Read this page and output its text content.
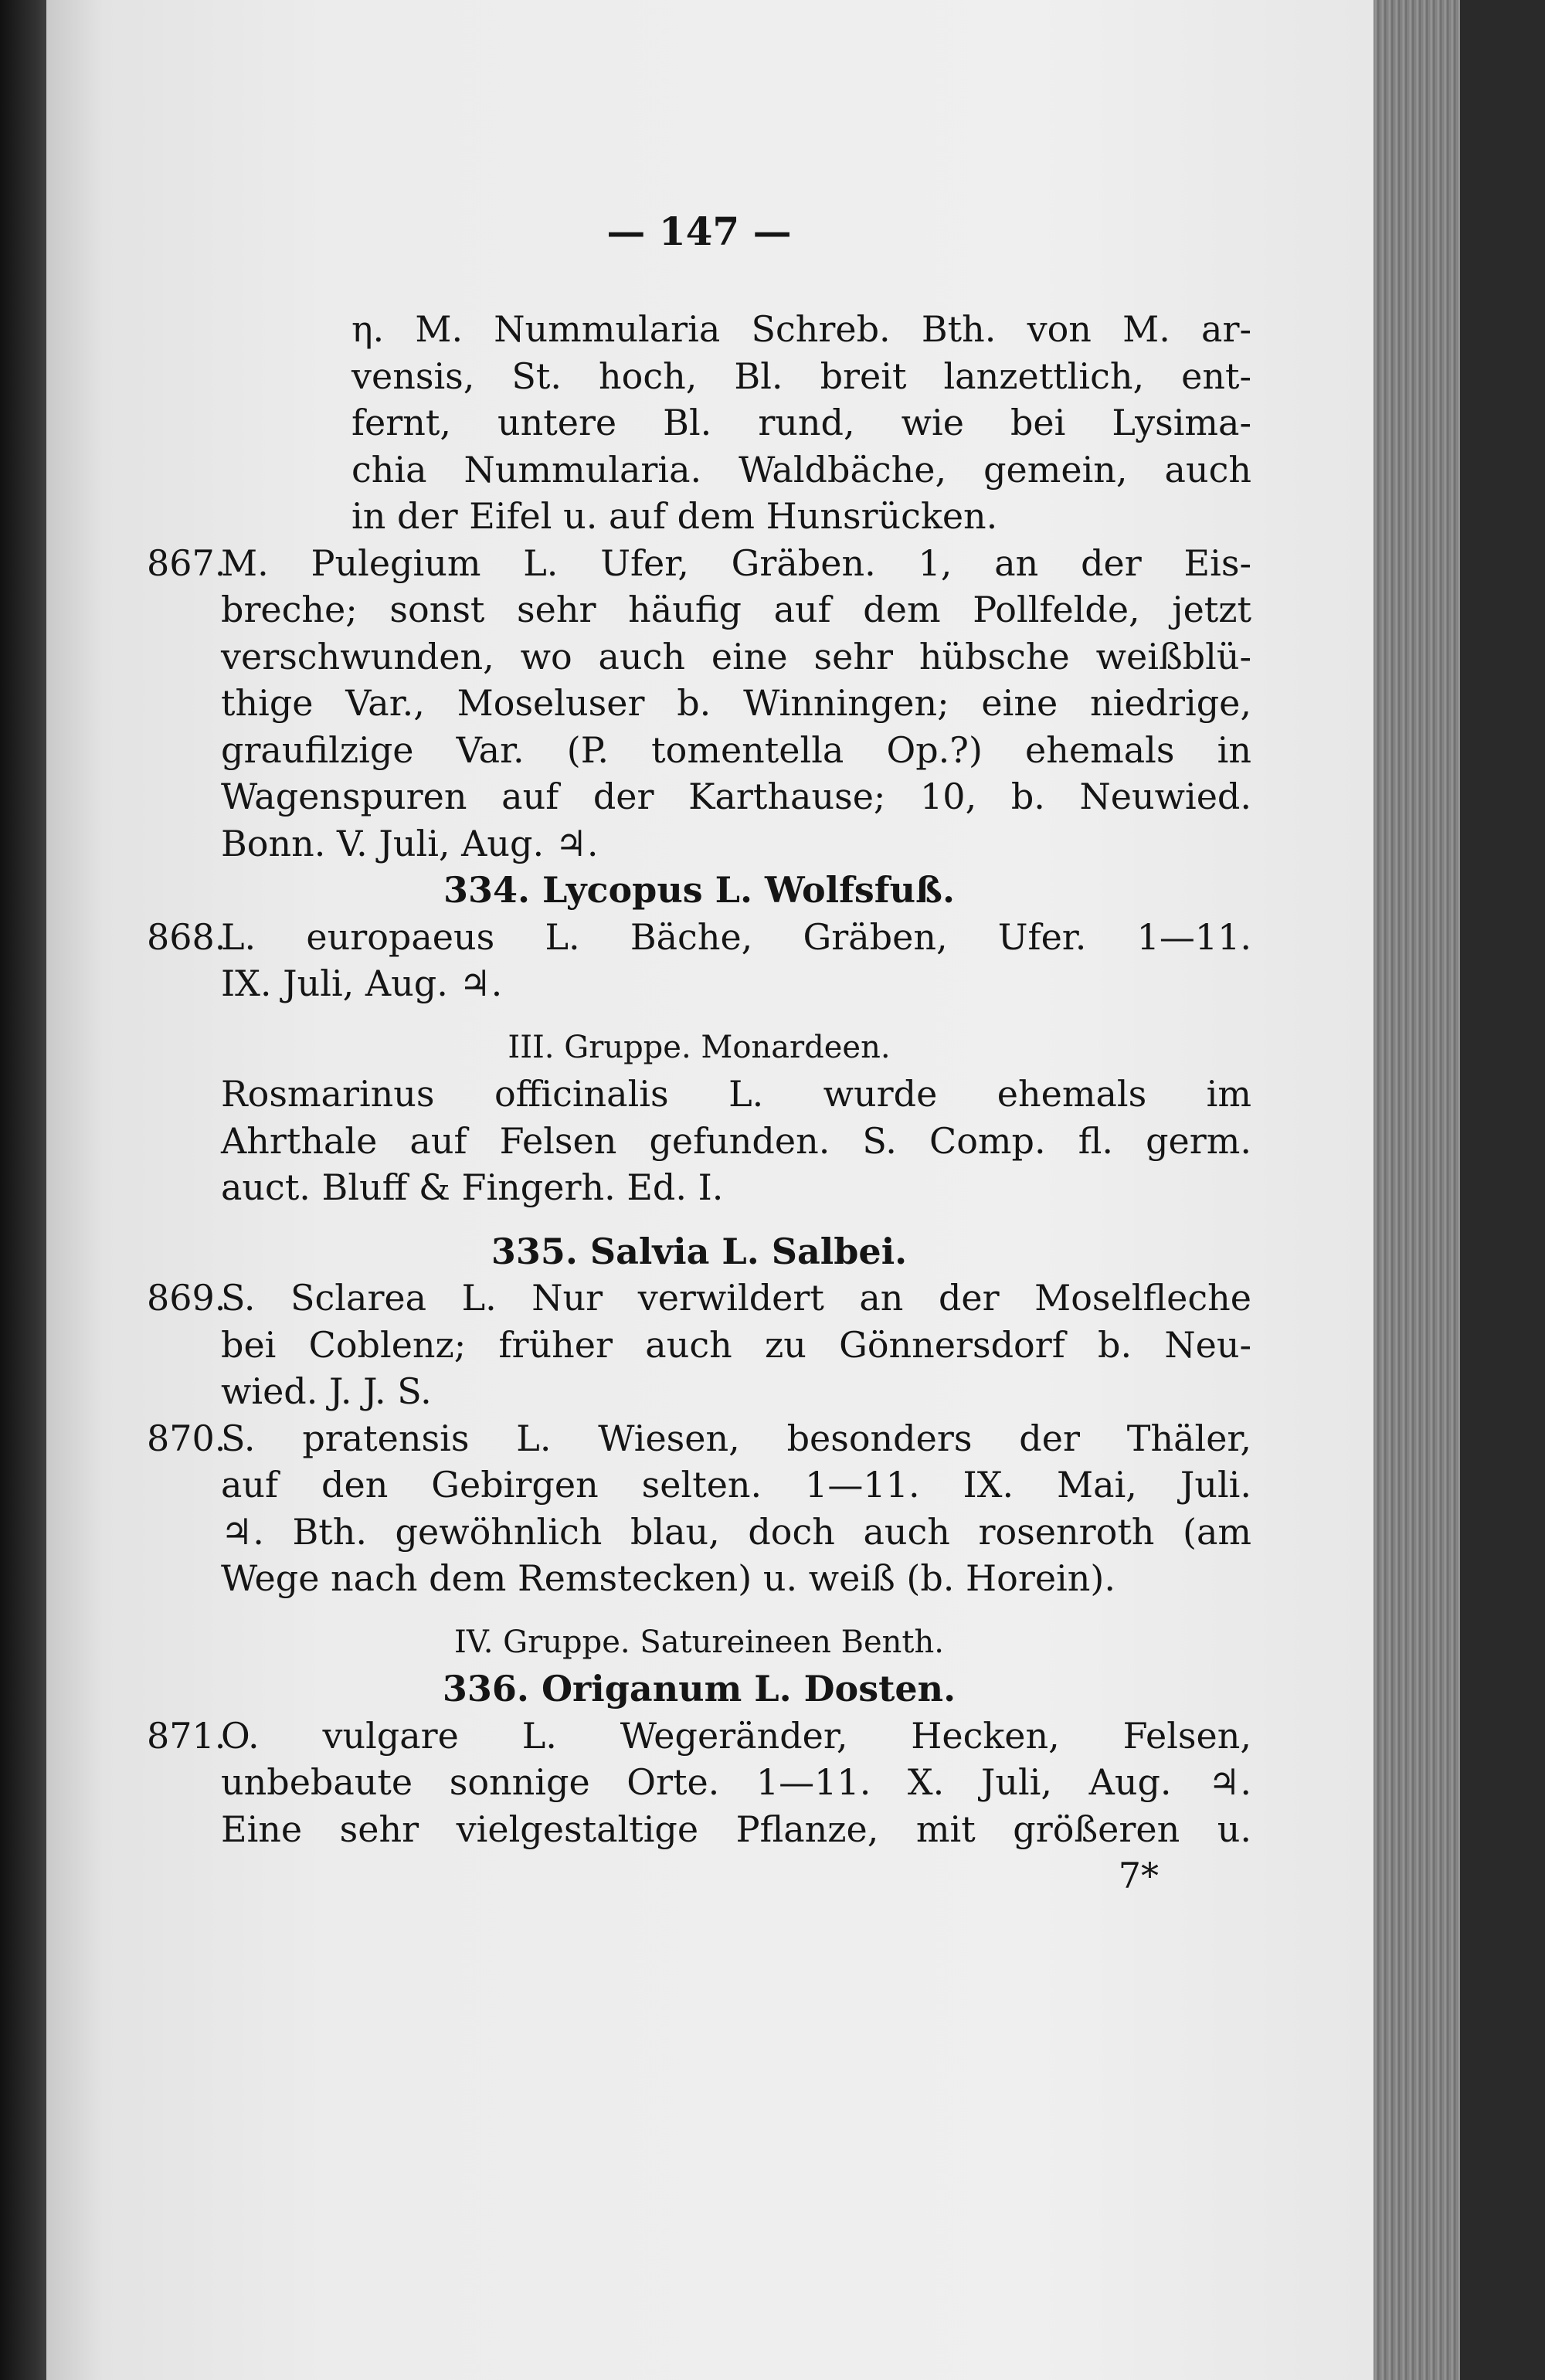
— 147 —
η. M. Nummularia Schreb. Bth. von M. ar-
vensis, St. hoch, Bl. breit lanzettlich, ent-
fernt, untere Bl. rund, wie bei Lysima-
chia Nummularia. Waldbäche, gemein, auch
in der Eifel u. auf dem Hunsrücken.
867.M. Pulegium L. Ufer, Gräben. 1, an der Eis-
breche; sonst sehr häufig auf dem Pollfelde, jetzt
verschwunden, wo auch eine sehr hübsche weißblü-
thige Var., Moseluser b. Winningen; eine niedrige,
graufilzige Var. (P. tomentella Op.?) ehemals in
Wagenspuren auf der Karthause; 10, b. Neuwied.
Bonn. V. Juli, Aug. ♃.
334. Lycopus L. Wolfsfuß.
868.L. europaeus L. Bäche, Gräben, Ufer. 1—11.
IX. Juli, Aug. ♃.
III. Gruppe. Monardeen.
Rosmarinus officinalis L. wurde ehemals im
Ahrthale auf Felsen gefunden. S. Comp. fl. germ.
auct. Bluff & Fingerh. Ed. I.
335. Salvia L. Salbei.
869.S. Sclarea L. Nur verwildert an der Moselfleche
bei Coblenz; früher auch zu Gönnersdorf b. Neu-
wied. J. J. S.
870.S. pratensis L. Wiesen, besonders der Thäler,
auf den Gebirgen selten. 1—11. IX. Mai, Juli.
♃. Bth. gewöhnlich blau, doch auch rosenroth (am
Wege nach dem Remstecken) u. weiß (b. Horein).
IV. Gruppe. Satureineen Benth.
336. Origanum L. Dosten.
871.O. vulgare L. Wegeränder, Hecken, Felsen,
unbebaute sonnige Orte. 1—11. X. Juli, Aug. ♃.
Eine sehr vielgestaltige Pflanze, mit größeren u.
7*
